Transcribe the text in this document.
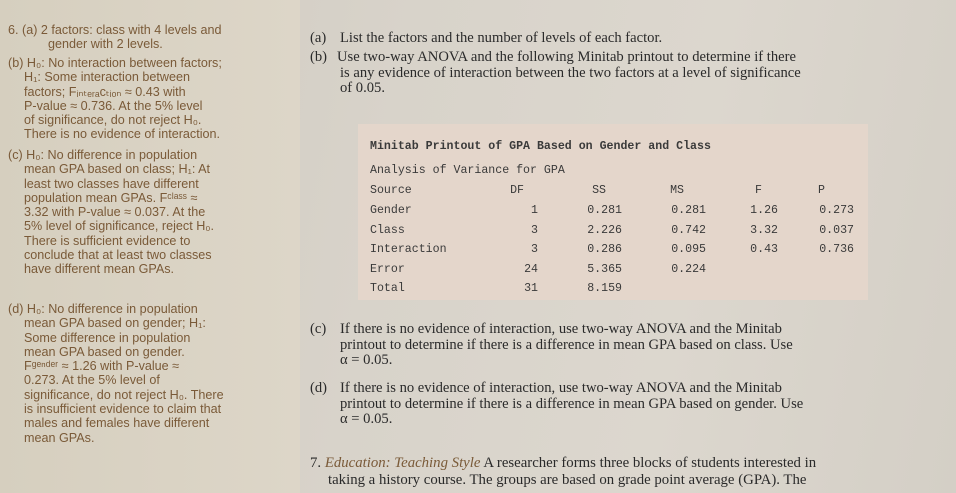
6. (a) 2 factors: class with 4 levels and
gender with 2 levels.
(b) H₀: No interaction between factors;
H₁: Some interaction between
factors; Fᵢₙₜₑᵣₐcₜᵢₒₙ ≈ 0.43 with
P-value ≈ 0.736. At the 5% level
of significance, do not reject H₀.
There is no evidence of interaction.
(c) H₀: No difference in population
mean GPA based on class; H₁: At
least two classes have different
population mean GPAs. Fᶜˡᵃˢˢ ≈
3.32 with P-value ≈ 0.037. At the
5% level of significance, reject H₀.
There is sufficient evidence to
conclude that at least two classes
have different mean GPAs.
(d) H₀: No difference in population
mean GPA based on gender; H₁:
Some difference in population
mean GPA based on gender.
Fᵍᵉⁿᵈᵉʳ ≈ 1.26 with P-value ≈
0.273. At the 5% level of
significance, do not reject H₀. There
is insufficient evidence to claim that
males and females have different
mean GPAs.
(a) List the factors and the number of levels of each factor.
(b) Use two-way ANOVA and the following Minitab printout to determine if there
is any evidence of interaction between the two factors at a level of significance
of 0.05.
Minitab Printout of GPA Based on Gender and Class
Analysis of Variance for GPA
Source	DF	SS	MS	F	P
Gender	1	0.281	0.281	1.26	0.273
Class	3	2.226	0.742	3.32	0.037
Interaction	3	0.286	0.095	0.43	0.736
Error	24	5.365	0.224
Total	31	8.159
(c) If there is no evidence of interaction, use two-way ANOVA and the Minitab
printout to determine if there is a difference in mean GPA based on class. Use
α = 0.05.
(d) If there is no evidence of interaction, use two-way ANOVA and the Minitab
printout to determine if there is a difference in mean GPA based on gender. Use
α = 0.05.
7. Education: Teaching Style A researcher forms three blocks of students interested in
taking a history course. The groups are based on grade point average (GPA). The
